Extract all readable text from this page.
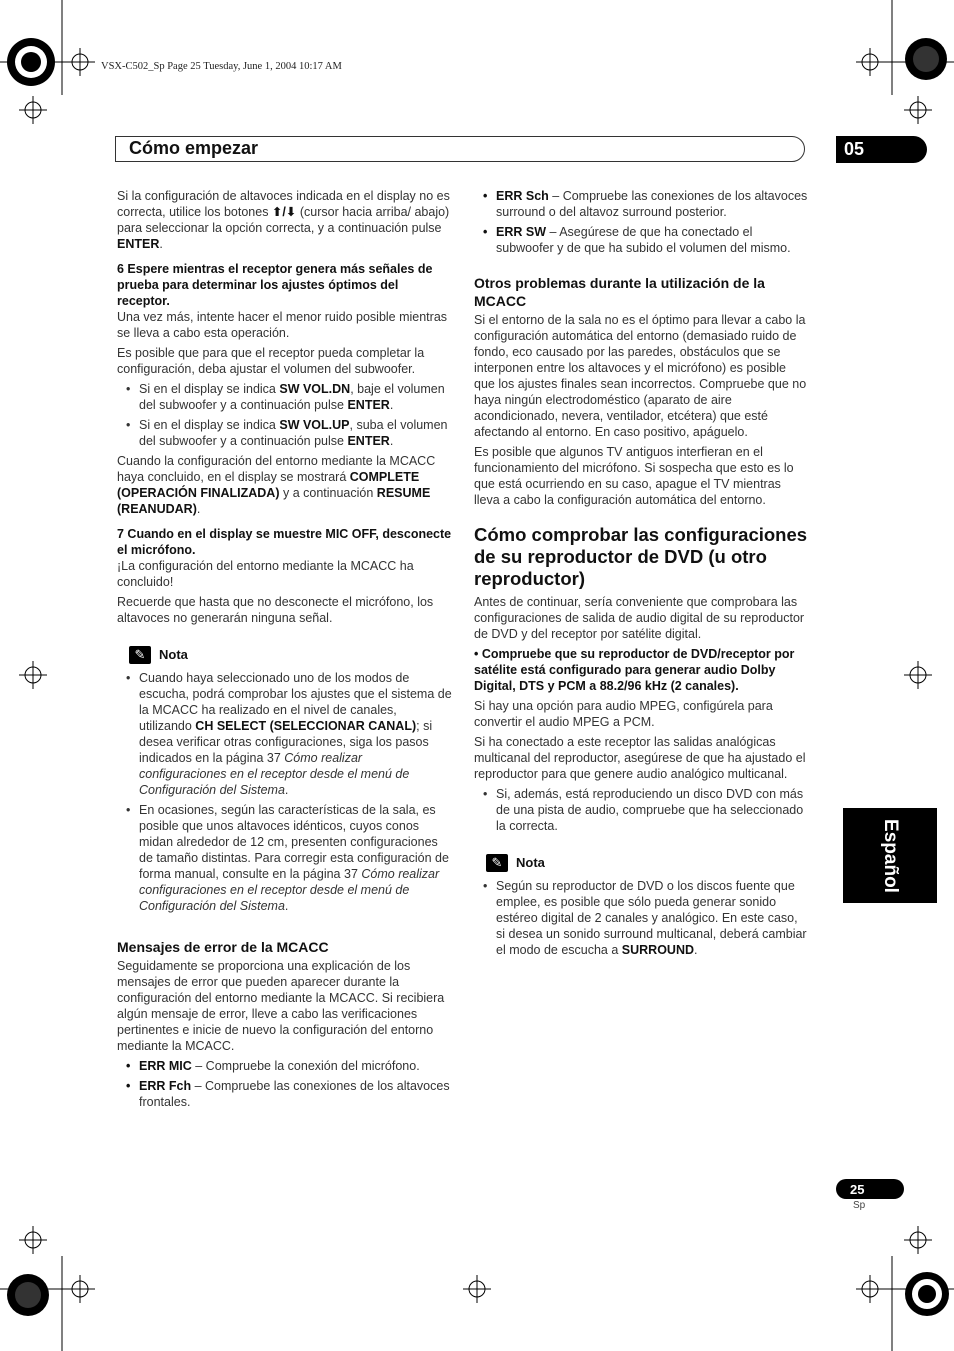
VSX-C502_Sp Page 25 Tuesday, June 1, 2004 10:17 AM
Cómo empezar	05
Español
25
Sp

Si la configuración de altavoces indicada en el display no es correcta, utilice los botones ⬆/⬇ (cursor hacia arriba/ abajo) para seleccionar la opción correcta, y a continuación pulse ENTER.

6 Espere mientras el receptor genera más señales de prueba para determinar los ajustes óptimos del receptor.

Una vez más, intente hacer el menor ruido posible mientras se lleva a cabo esta operación.

Es posible que para que el receptor pueda completar la configuración, deba ajustar el volumen del subwoofer.

• Si en el display se indica SW VOL.DN, baje el volumen del subwoofer y a continuación pulse ENTER.
• Si en el display se indica SW VOL.UP, suba el volumen del subwoofer y a continuación pulse ENTER.

Cuando la configuración del entorno mediante la MCACC haya concluido, en el display se mostrará COMPLETE (OPERACIÓN FINALIZADA) y a continuación RESUME (REANUDAR).

7 Cuando en el display se muestre MIC OFF, desconecte el micrófono.

¡La configuración del entorno mediante la MCACC ha concluido!

Recuerde que hasta que no desconecte el micrófono, los altavoces no generarán ninguna señal.

✎	Nota
• Cuando haya seleccionado uno de los modos de escucha, podrá comprobar los ajustes que el sistema de la MCACC ha realizado en el nivel de canales, utilizando CH SELECT (SELECCIONAR CANAL); si desea verificar otras configuraciones, siga los pasos indicados en la página 37 Cómo realizar configuraciones en el receptor desde el menú de Configuración del Sistema.
• En ocasiones, según las características de la sala, es posible que unos altavoces idénticos, cuyos conos midan alrededor de 12 cm, presenten configuraciones de tamaño distintas. Para corregir esta configuración de forma manual, consulte en la página 37 Cómo realizar configuraciones en el receptor desde el menú de Configuración del Sistema.
Mensajes de error de la MCACC

Seguidamente se proporciona una explicación de los mensajes de error que pueden aparecer durante la configuración del entorno mediante la MCACC. Si recibiera algún mensaje de error, lleve a cabo las verificaciones pertinentes e inicie de nuevo la configuración del entorno mediante la MCACC.

• ERR MIC – Compruebe la conexión del micrófono.
• ERR Fch – Compruebe las conexiones de los altavoces frontales.
• ERR Sch – Compruebe las conexiones de los altavoces surround o del altavoz surround posterior.
• ERR SW – Asegúrese de que ha conectado el subwoofer y de que ha subido el volumen del mismo.
Otros problemas durante la utilización de la MCACC

Si el entorno de la sala no es el óptimo para llevar a cabo la configuración automática del entorno (demasiado ruido de fondo, eco causado por las paredes, obstáculos que se interponen entre los altavoces y el micrófono) es posible que los ajustes finales sean incorrectos. Compruebe que no haya ningún electrodoméstico (aparato de aire acondicionado, nevera, ventilador, etcétera) que esté afectando al entorno. En caso positivo, apáguelo.

Es posible que algunos TV antiguos interfieran en el funcionamiento del micrófono. Si sospecha que esto es lo que está ocurriendo en su caso, apague el TV mientras lleva a cabo la configuración automática del entorno.

Cómo comprobar las configuraciones de su reproductor de DVD (u otro reproductor)

Antes de continuar, sería conveniente que comprobara las configuraciones de salida de audio digital de su reproductor de DVD y del receptor por satélite digital.

• Compruebe que su reproductor de DVD/receptor por satélite está configurado para generar audio Dolby Digital, DTS y PCM a 88.2/96 kHz (2 canales).

Si hay una opción para audio MPEG, configúrela para convertir el audio MPEG a PCM.

Si ha conectado a este receptor las salidas analógicas multicanal del reproductor, asegúrese de que ha ajustado el reproductor para que genere audio analógico multicanal.

• Si, además, está reproduciendo un disco DVD con más de una pista de audio, compruebe que ha seleccionado la correcta.
✎	Nota
• Según su reproductor de DVD o los discos fuente que emplee, es posible que sólo pueda generar sonido estéreo digital de 2 canales y analógico. En este caso, si desea un sonido surround multicanal, deberá cambiar el modo de escucha a SURROUND.
